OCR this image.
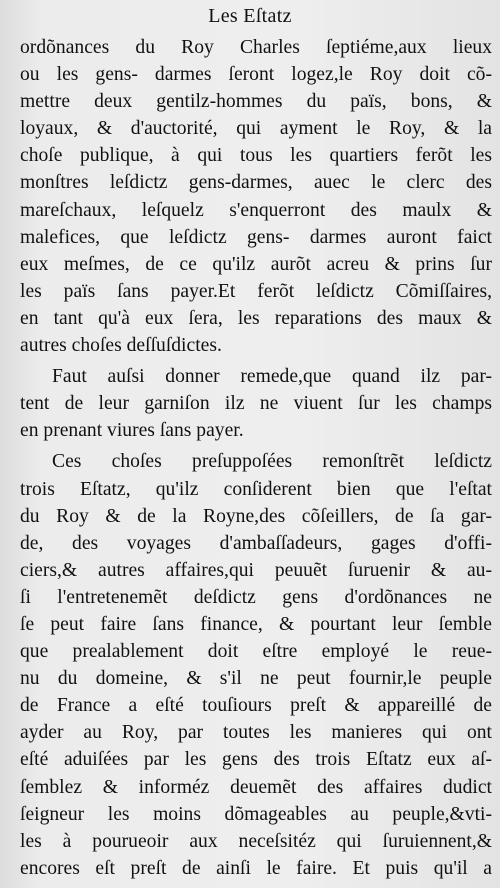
Les Eſtatz
ordõnances du Roy Charles ſeptiéme,aux lieux
ou les gens- darmes ſeront logez,le Roy doit cõ-
mettre deux gentilz-hommes du païs, bons, &
loyaux, & d'auctorité, qui ayment le Roy, & la
choſe publique, à qui tous les quartiers ferõt les
monſtres leſdictz gens-darmes, auec le clerc des
mareſchaux, leſquelz s'enquerront des maulx &
malefices, que leſdictz gens- darmes auront faict
eux meſmes, de ce qu'ilz aurõt acreu & prins ſur
les païs ſans payer.Et ferõt leſdictz Cõmiſſaires,
en tant qu'à eux ſera, les reparations des maux &
autres choſes deſſuſdictes.
Faut auſsi donner remede,que quand ilz par-
tent de leur garniſon ilz ne viuent ſur les champs
en prenant viures ſans payer.
Ces choſes preſuppoſées remonſtrẽt leſdictz
trois Eſtatz, qu'ilz conſiderent bien que l'eſtat
du Roy & de la Royne,des cõſeillers, de ſa gar-
de, des voyages d'ambaſſadeurs, gages d'offi-
ciers,& autres affaires,qui peuuẽt ſuruenir & au-
ſi l'entretenemẽt deſdictz gens d'ordõnances ne
ſe peut faire ſans finance, & pourtant leur ſemble
que prealablement doit eſtre employé le reue-
nu du domeine, & s'il ne peut fournir,le peuple
de France a eſté touſiours preſt & appareillé de
ayder au Roy, par toutes les manieres qui ont
eſté aduiſées par les gens des trois Eſtatz eux aſ-
ſemblez & informéz deuemẽt des affaires dudict
ſeigneur les moins dõmageables au peuple,&vti-
les à pourueoir aux neceſsitéz qui ſuruiennent,&
encores eſt preſt de ainſi le faire. Et puis qu'il a
